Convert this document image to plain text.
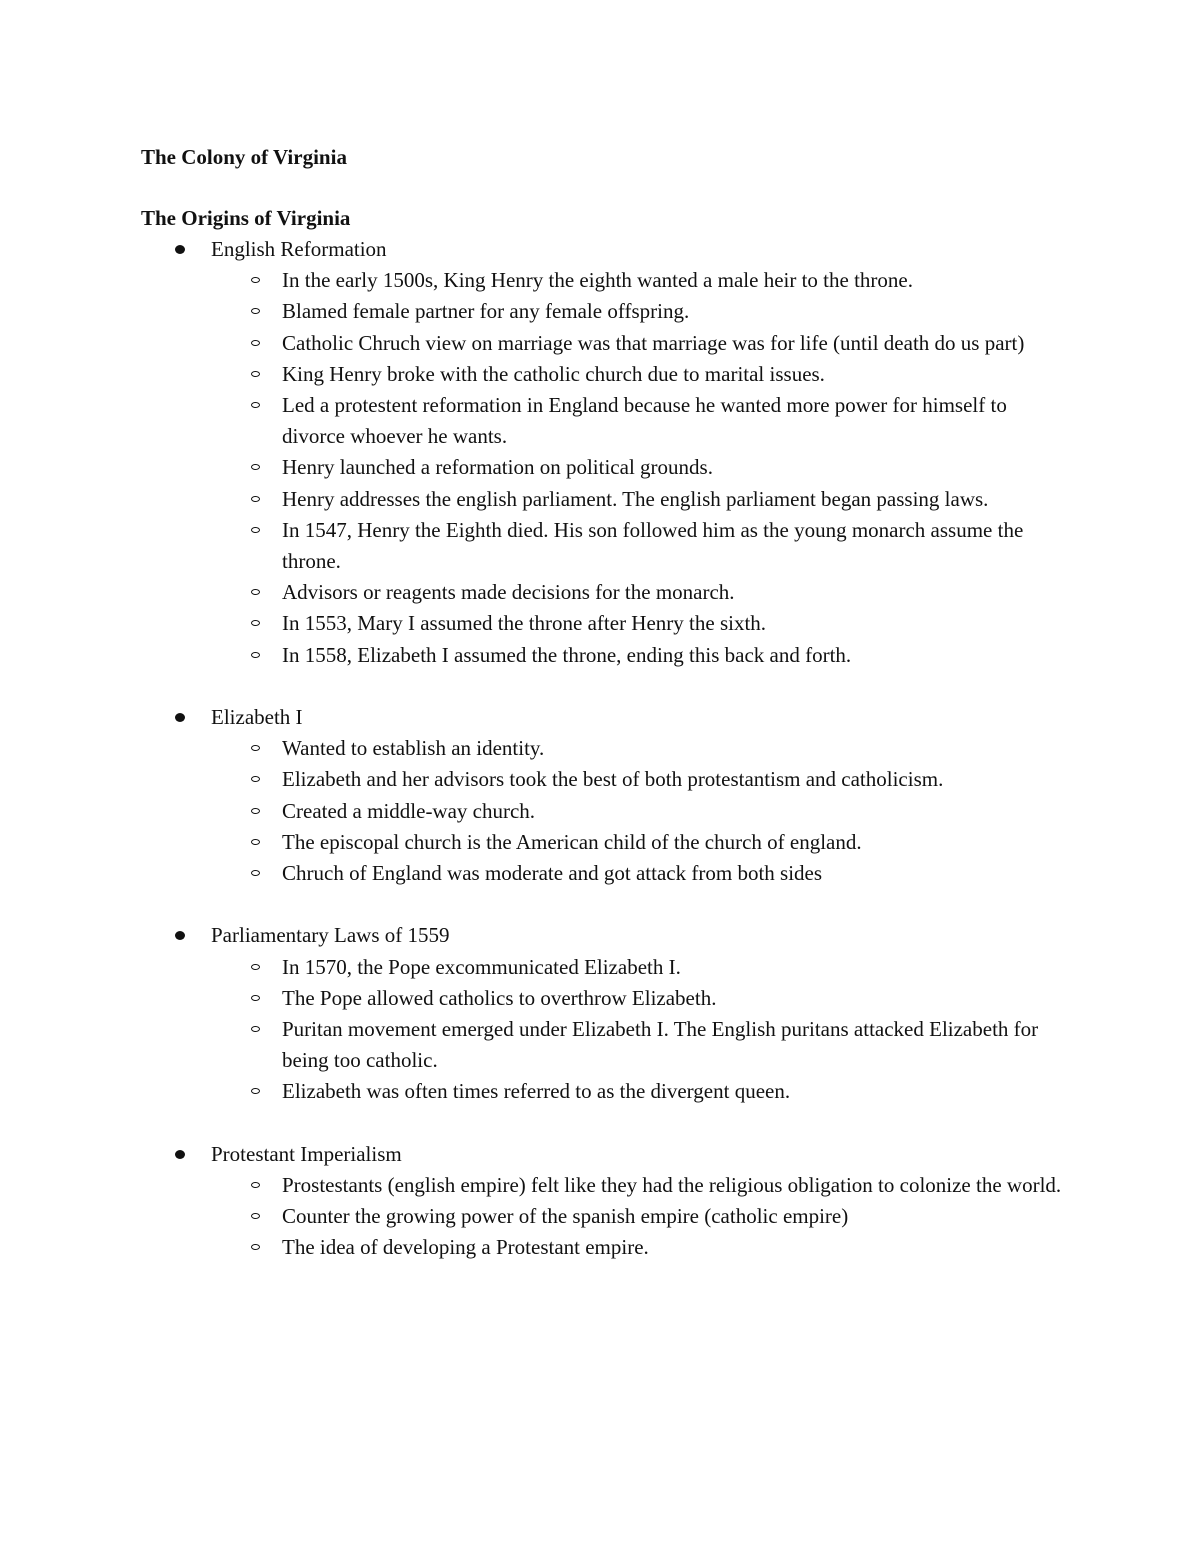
The Colony of Virginia
The Origins of Virginia
English Reformation
In the early 1500s, King Henry the eighth wanted a male heir to the throne.
Blamed female partner for any female offspring.
Catholic Chruch view on marriage was that marriage was for life (until death do us part)
King Henry broke with the catholic church due to marital issues.
Led a protestent reformation in England because he wanted more power for himself to divorce whoever he wants.
Henry launched a reformation on political grounds.
Henry addresses the english parliament. The english parliament began passing laws.
In 1547, Henry the Eighth died. His son followed him as the young monarch assume the throne.
Advisors or reagents made decisions for the monarch.
In 1553, Mary I assumed the throne after Henry the sixth.
In 1558, Elizabeth I assumed the throne, ending this back and forth.
Elizabeth I
Wanted to establish an identity.
Elizabeth and her advisors took the best of both protestantism and catholicism.
Created a middle-way church.
The episcopal church is the American child of the church of england.
Chruch of England was moderate and got attack from both sides
Parliamentary Laws of 1559
In 1570, the Pope excommunicated Elizabeth I.
The Pope allowed catholics to overthrow Elizabeth.
Puritan movement emerged under Elizabeth I. The English puritans attacked Elizabeth for being too catholic.
Elizabeth was often times referred to as the divergent queen.
Protestant Imperialism
Prostestants (english empire) felt like they had the religious obligation to colonize the world.
Counter the growing power of the spanish empire (catholic empire)
The idea of developing a Protestant empire.
